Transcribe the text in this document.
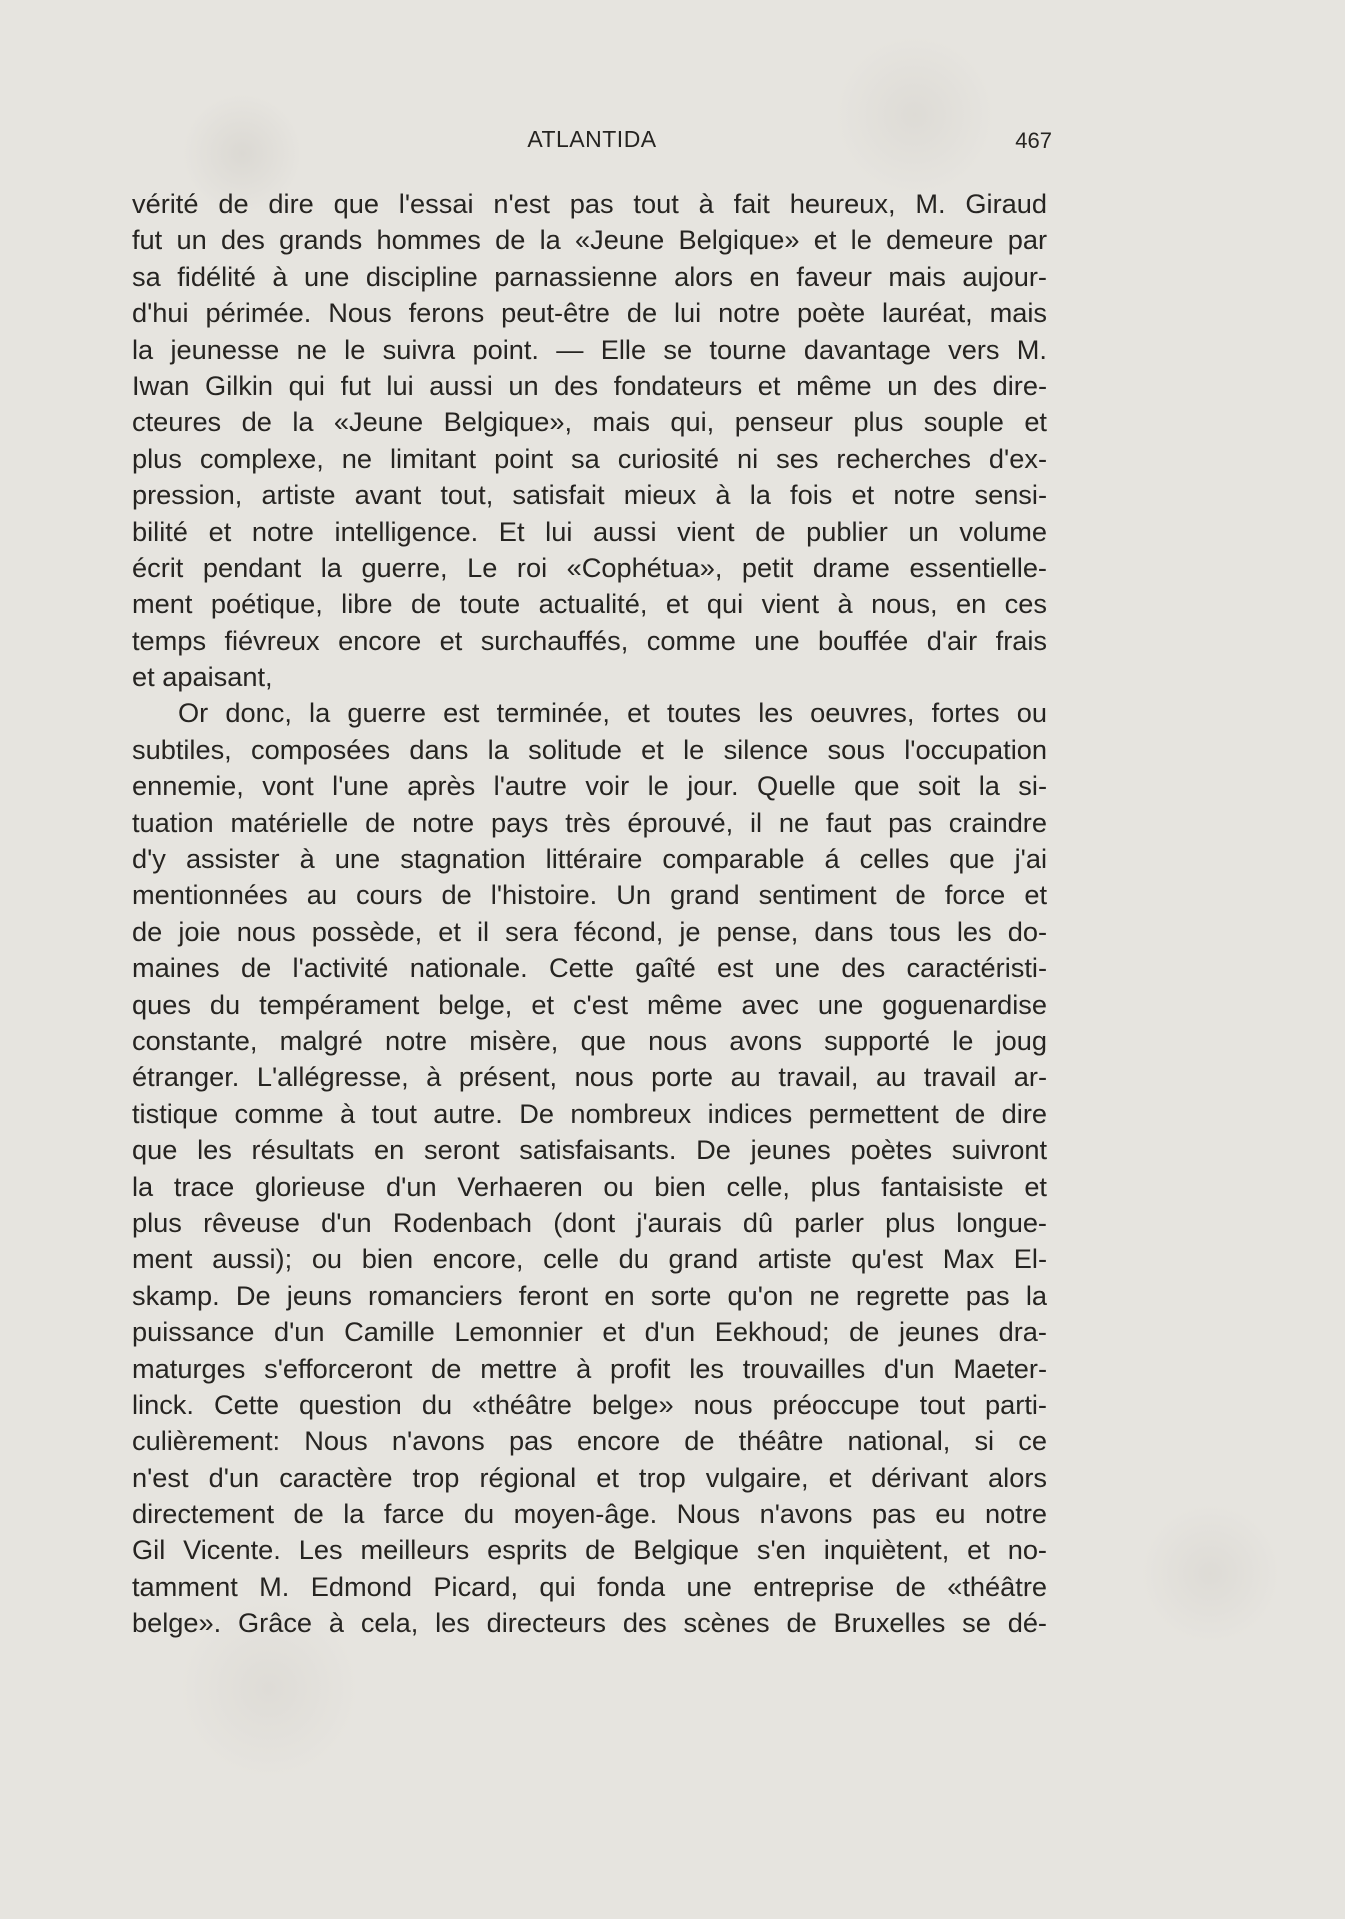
ATLANTIDA	467
vérité de dire que l'essai n'est pas tout à fait heureux, M. Giraud
fut un des grands hommes de la «Jeune Belgique» et le demeure par
sa fidélité à une discipline parnassienne alors en faveur mais aujour-
d'hui périmée. Nous ferons peut-être de lui notre poète lauréat, mais
la jeunesse ne le suivra point. — Elle se tourne davantage vers M.
Iwan Gilkin qui fut lui aussi un des fondateurs et même un des dire-
cteures de la «Jeune Belgique», mais qui, penseur plus souple et
plus complexe, ne limitant point sa curiosité ni ses recherches d'ex-
pression, artiste avant tout, satisfait mieux à la fois et notre sensi-
bilité et notre intelligence. Et lui aussi vient de publier un volume
écrit pendant la guerre, Le roi «Cophétua», petit drame essentielle-
ment poétique, libre de toute actualité, et qui vient à nous, en ces
temps fiévreux encore et surchauffés, comme une bouffée d'air frais
et apaisant,
Or donc, la guerre est terminée, et toutes les oeuvres, fortes ou
subtiles, composées dans la solitude et le silence sous l'occupation
ennemie, vont l'une après l'autre voir le jour. Quelle que soit la si-
tuation matérielle de notre pays très éprouvé, il ne faut pas craindre
d'y assister à une stagnation littéraire comparable á celles que j'ai
mentionnées au cours de l'histoire. Un grand sentiment de force et
de joie nous possède, et il sera fécond, je pense, dans tous les do-
maines de l'activité nationale. Cette gaîté est une des caractéristi-
ques du tempérament belge, et c'est même avec une goguenardise
constante, malgré notre misère, que nous avons supporté le joug
étranger. L'allégresse, à présent, nous porte au travail, au travail ar-
tistique comme à tout autre. De nombreux indices permettent de dire
que les résultats en seront satisfaisants. De jeunes poètes suivront
la trace glorieuse d'un Verhaeren ou bien celle, plus fantaisiste et
plus rêveuse d'un Rodenbach (dont j'aurais dû parler plus longue-
ment aussi); ou bien encore, celle du grand artiste qu'est Max El-
skamp. De jeuns romanciers feront en sorte qu'on ne regrette pas la
puissance d'un Camille Lemonnier et d'un Eekhoud; de jeunes dra-
maturges s'efforceront de mettre à profit les trouvailles d'un Maeter-
linck. Cette question du «théâtre belge» nous préoccupe tout parti-
culièrement: Nous n'avons pas encore de théâtre national, si ce
n'est d'un caractère trop régional et trop vulgaire, et dérivant alors
directement de la farce du moyen-âge. Nous n'avons pas eu notre
Gil Vicente. Les meilleurs esprits de Belgique s'en inquiètent, et no-
tamment M. Edmond Picard, qui fonda une entreprise de «théâtre
belge». Grâce à cela, les directeurs des scènes de Bruxelles se dé-
